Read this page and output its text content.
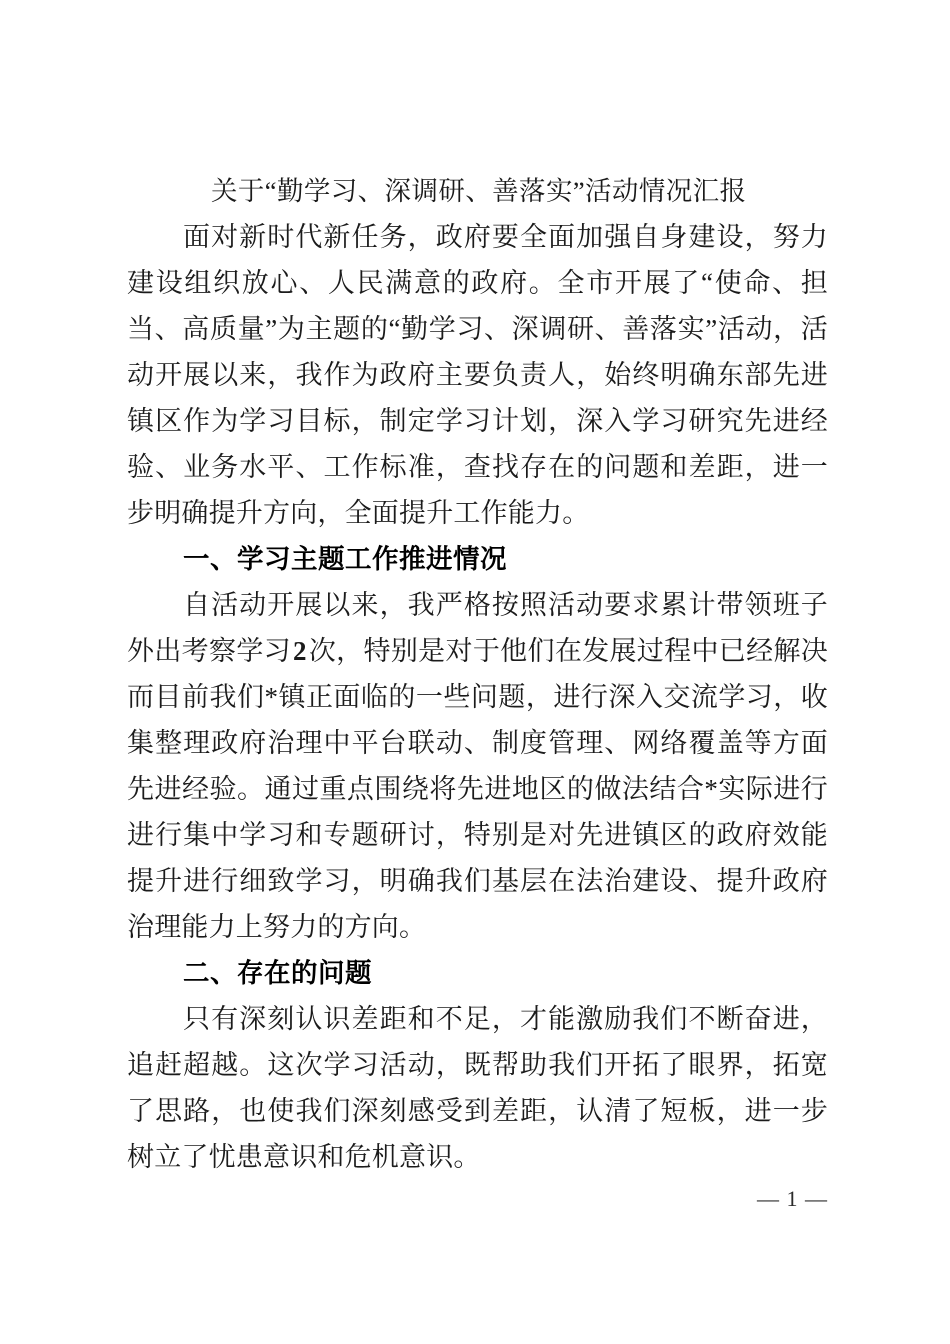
关于“勤学习、深调研、善落实”活动情况汇报

面对新时代新任务，政府要全面加强自身建设，努力建设组织放心、人民满意的政府。全市开展了“使命、担当、高质量”为主题的“勤学习、深调研、善落实”活动，活动开展以来，我作为政府主要负责人，始终明确东部先进镇区作为学习目标，制定学习计划，深入学习研究先进经验、业务水平、工作标准，查找存在的问题和差距，进一步明确提升方向，全面提升工作能力。

一、学习主题工作推进情况

自活动开展以来，我严格按照活动要求累计带领班子外出考察学习2次，特别是对于他们在发展过程中已经解决而目前我们*镇正面临的一些问题，进行深入交流学习，收集整理政府治理中平台联动、制度管理、网络覆盖等方面先进经验。通过重点围绕将先进地区的做法结合*实际进行进行集中学习和专题研讨，特别是对先进镇区的政府效能提升进行细致学习，明确我们基层在法治建设、提升政府治理能力上努力的方向。

二、存在的问题

只有深刻认识差距和不足，才能激励我们不断奋进，追赶超越。这次学习活动，既帮助我们开拓了眼界，拓宽了思路，也使我们深刻感受到差距，认清了短板，进一步树立了忧患意识和危机意识。

— 1 —
